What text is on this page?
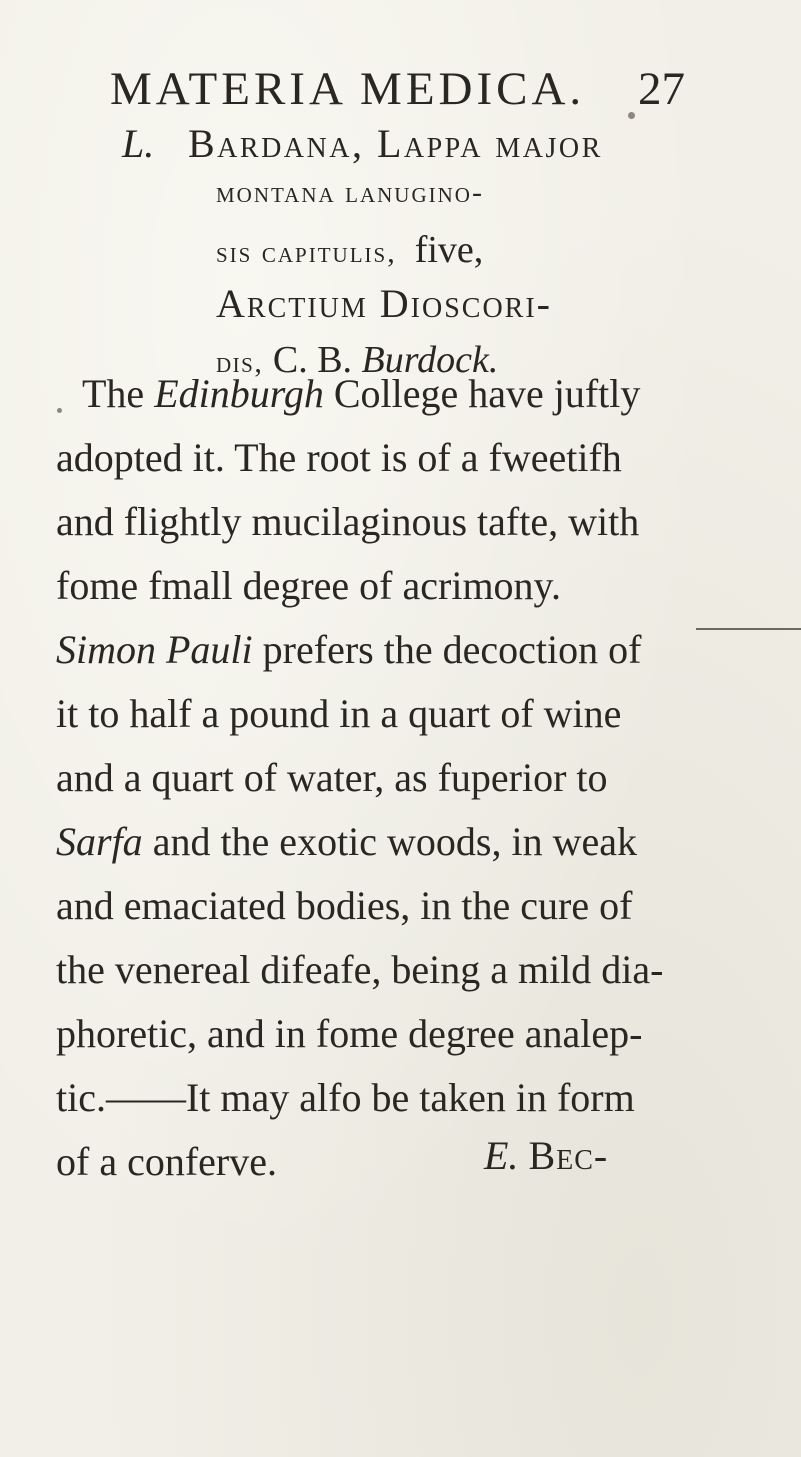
MATERIA MEDICA. 27
L. Bardana, Lappa major
montana lanugino-
sis capitulis, five,
Arctium Dioscori-
dis, C. B. Burdock.
The Edinburgh College have juftly
adopted it. The root is of a fweetifh
and flightly mucilaginous tafte, with
fome fmall degree of acrimony.
Simon Pauli prefers the decoction of
it to half a pound in a quart of wine
and a quart of water, as fuperior to
Sarfa and the exotic woods, in weak
and emaciated bodies, in the cure of
the venereal difeafe, being a mild dia-
phoretic, and in fome degree analep-
tic.——It may alfo be taken in form
of a conferve.	E. Bec-
